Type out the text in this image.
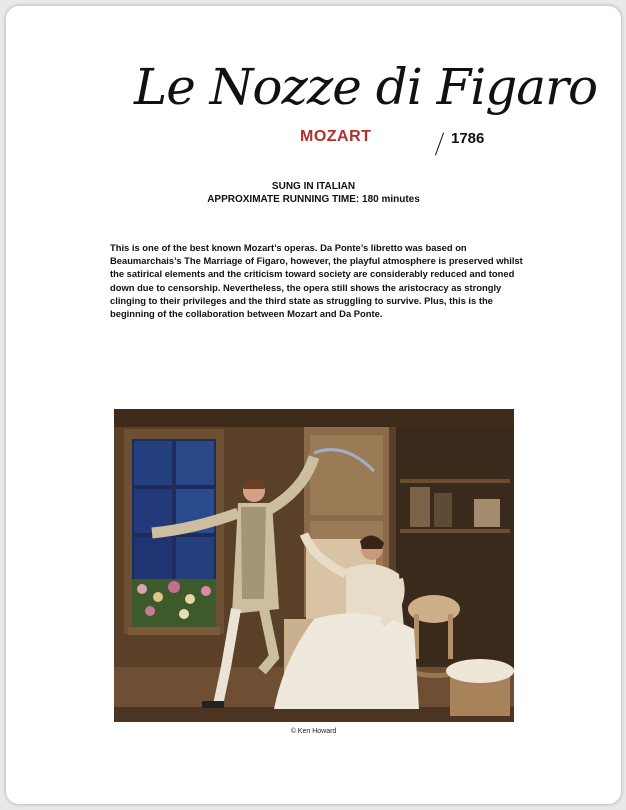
Le Nozze di Figaro
MOZART	1786
SUNG IN ITALIAN
APPROXIMATE RUNNING TIME: 180 minutes
This is one of the best known Mozart’s operas. Da Ponte’s libretto was based on Beaumarchais’s The Marriage of Figaro, however, the playful atmosphere is preserved whilst the satirical elements and the criticism toward society are considerably reduced and toned down due to censorship. Nevertheless, the opera still shows the aristocracy as strongly clinging to their privileges and the third state as struggling to survive. Plus, this is the beginning of the collaboration between Mozart and Da Ponte.
© Ken Howard
